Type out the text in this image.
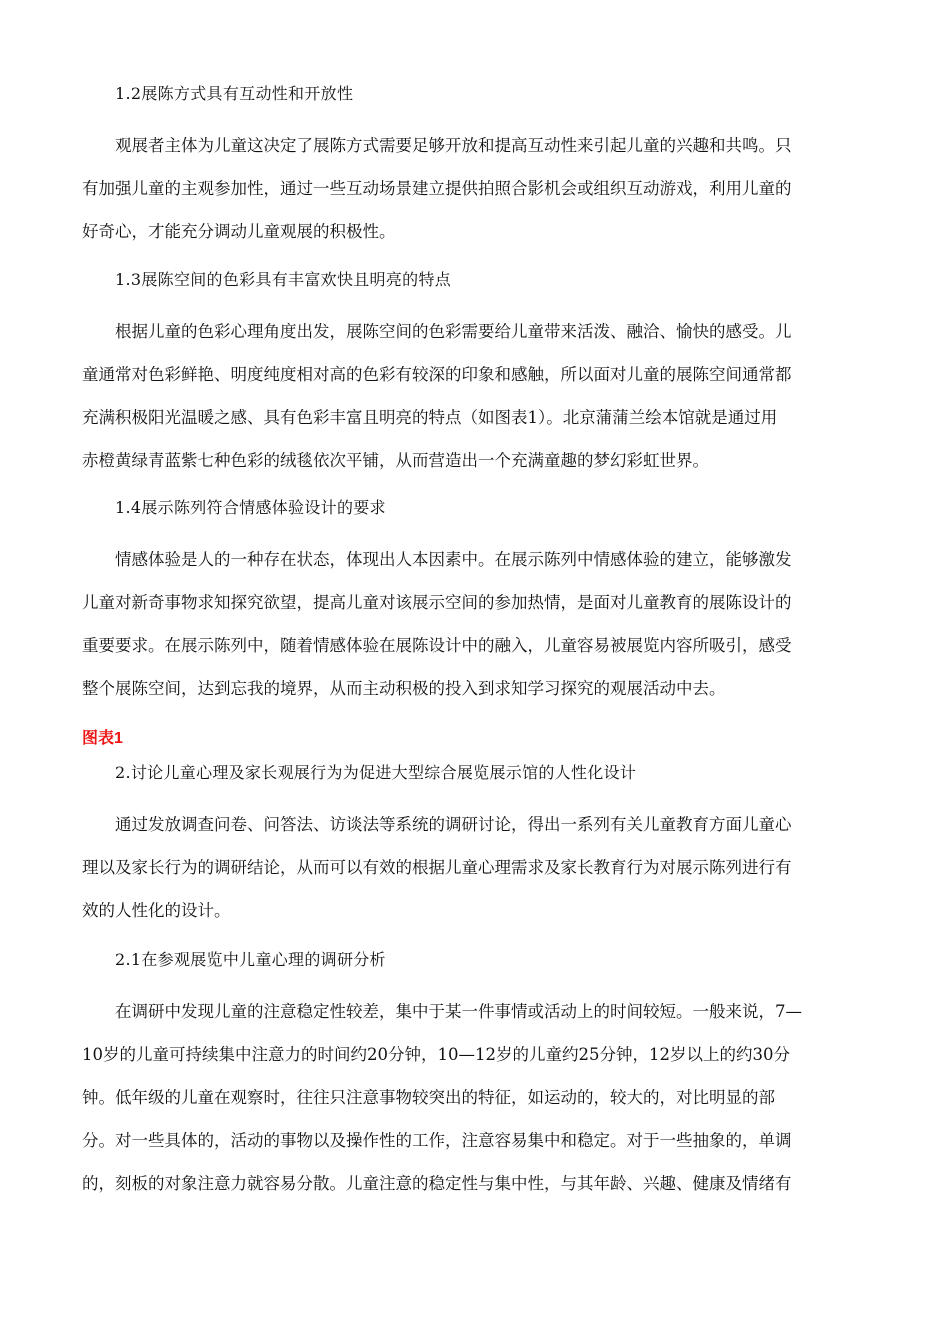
1.2展陈方式具有互动性和开放性
观展者主体为儿童这决定了展陈方式需要足够开放和提高互动性来引起儿童的兴趣和共鸣。只
有加强儿童的主观参加性，通过一些互动场景建立提供拍照合影机会或组织互动游戏，利用儿童的
好奇心，才能充分调动儿童观展的积极性。
1.3展陈空间的色彩具有丰富欢快且明亮的特点
根据儿童的色彩心理角度出发，展陈空间的色彩需要给儿童带来活泼、融洽、愉快的感受。儿
童通常对色彩鲜艳、明度纯度相对高的色彩有较深的印象和感触，所以面对儿童的展陈空间通常都
充满积极阳光温暖之感、具有色彩丰富且明亮的特点（如图表1）。北京蒲蒲兰绘本馆就是通过用
赤橙黄绿青蓝紫七种色彩的绒毯依次平铺，从而营造出一个充满童趣的梦幻彩虹世界。
1.4展示陈列符合情感体验设计的要求
情感体验是人的一种存在状态，体现出人本因素中。在展示陈列中情感体验的建立，能够激发
儿童对新奇事物求知探究欲望，提高儿童对该展示空间的参加热情，是面对儿童教育的展陈设计的
重要要求。在展示陈列中，随着情感体验在展陈设计中的融入，儿童容易被展览内容所吸引，感受
整个展陈空间，达到忘我的境界，从而主动积极的投入到求知学习探究的观展活动中去。
图表1
2.讨论儿童心理及家长观展行为为促进大型综合展览展示馆的人性化设计
通过发放调查问卷、问答法、访谈法等系统的调研讨论，得出一系列有关儿童教育方面儿童心
理以及家长行为的调研结论，从而可以有效的根据儿童心理需求及家长教育行为对展示陈列进行有
效的人性化的设计。
2.1在参观展览中儿童心理的调研分析
在调研中发现儿童的注意稳定性较差，集中于某一件事情或活动上的时间较短。一般来说，7—
10岁的儿童可持续集中注意力的时间约20分钟，10—12岁的儿童约25分钟，12岁以上的约30分
钟。低年级的儿童在观察时，往往只注意事物较突出的特征，如运动的，较大的，对比明显的部
分。对一些具体的，活动的事物以及操作性的工作，注意容易集中和稳定。对于一些抽象的，单调
的，刻板的对象注意力就容易分散。儿童注意的稳定性与集中性，与其年龄、兴趣、健康及情绪有
